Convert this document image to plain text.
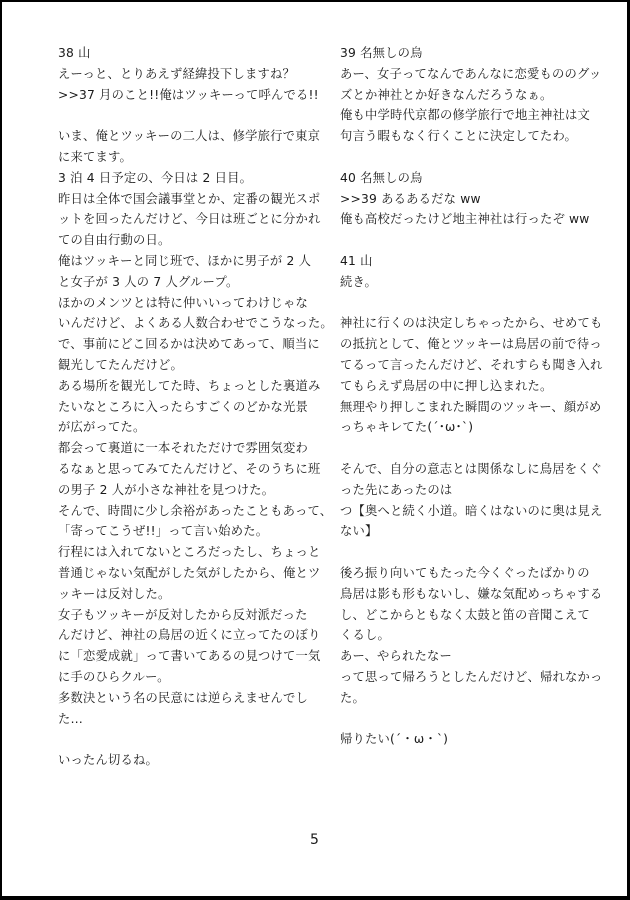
38 山
えーっと、とりあえず経緯投下しますね？
>>37 月のこと!!俺はツッキーって呼んでる!!
いま、俺とツッキーの二人は、修学旅行で東京
に来てます。
3 泊 4 日予定の、今日は 2 日目。
昨日は全体で国会議事堂とか、定番の観光スポ
ットを回ったんだけど、今日は班ごとに分かれ
ての自由行動の日。
俺はツッキーと同じ班で、ほかに男子が 2 人
と女子が 3 人の 7 人グループ。
ほかのメンツとは特に仲いいってわけじゃな
いんだけど、よくある人数合わせでこうなった。
で、事前にどこ回るかは決めてあって、順当に
観光してたんだけど。
ある場所を観光してた時、ちょっとした裏道み
たいなところに入ったらすごくのどかな光景
が広がってた。
都会って裏道に一本それただけで雰囲気変わ
るなぁと思ってみてたんだけど、そのうちに班
の男子 2 人が小さな神社を見つけた。
そんで、時間に少し余裕があったこともあって、
「寄ってこうぜ!!」って言い始めた。
行程には入れてないところだったし、ちょっと
普通じゃない気配がした気がしたから、俺とツ
ッキーは反対した。
女子もツッキーが反対したから反対派だった
んだけど、神社の鳥居の近くに立ってたのぼり
に「恋愛成就」って書いてあるの見つけて一気
に手のひらクルー。
多数決という名の民意には逆らえませんでし
た…
いったん切るね。
39 名無しの烏
あー、女子ってなんであんなに恋愛もののグッ
ズとか神社とか好きなんだろうなぁ。
俺も中学時代京都の修学旅行で地主神社は文
句言う暇もなく行くことに決定してたわ。
40 名無しの烏
>>39 あるあるだな ww
俺も高校だったけど地主神社は行ったぞ ww
41 山
続き。
神社に行くのは決定しちゃったから、せめても
の抵抗として、俺とツッキーは鳥居の前で待っ
てるって言ったんだけど、それすらも聞き入れ
てもらえず鳥居の中に押し込まれた。
無理やり押しこまれた瞬間のツッキー、顔がめ
っちゃキレてた(´･ω･`)
そんで、自分の意志とは関係なしに鳥居をくぐ
った先にあったのは
つ【奥へと続く小道。暗くはないのに奥は見え
ない】
後ろ振り向いてもたった今くぐったばかりの
鳥居は影も形もないし、嫌な気配めっちゃする
し、どこからともなく太鼓と笛の音聞こえて
くるし。
あー、やられたなー
って思って帰ろうとしたんだけど、帰れなかっ
た。
帰りたい(´・ω・`)
5
